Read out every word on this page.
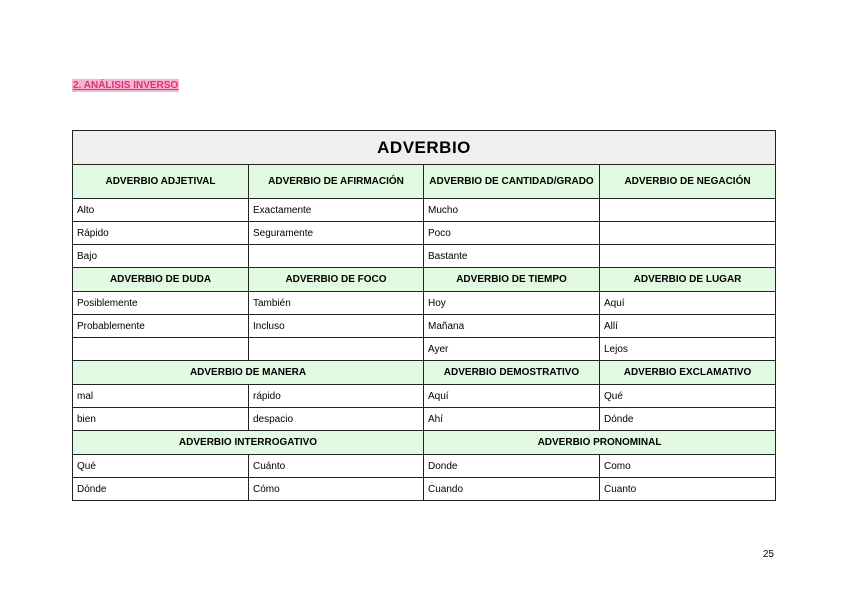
2. ANÁLISIS INVERSO
ADVERBIO			
ADVERBIO ADJETIVAL	ADVERBIO DE AFIRMACIÓN	ADVERBIO DE CANTIDAD/GRADO	ADVERBIO DE NEGACIÓN
Alto	Exactamente	Mucho	
Rápido	Seguramente	Poco	
Bajo		Bastante	
ADVERBIO DE DUDA	ADVERBIO DE FOCO	ADVERBIO DE TIEMPO	ADVERBIO DE LUGAR
Posiblemente	También	Hoy	Aquí
Probablemente	Incluso	Mañana	Allí
		Ayer	Lejos
ADVERBIO DE MANERA		ADVERBIO DEMOSTRATIVO	ADVERBIO EXCLAMATIVO
mal	rápido	Aquí	Qué
bien	despacio	Ahí	Dónde
ADVERBIO INTERROGATIVO		ADVERBIO PRONOMINAL	
Qué	Cuánto	Donde	Como
Dónde	Cómo	Cuando	Cuanto
25
